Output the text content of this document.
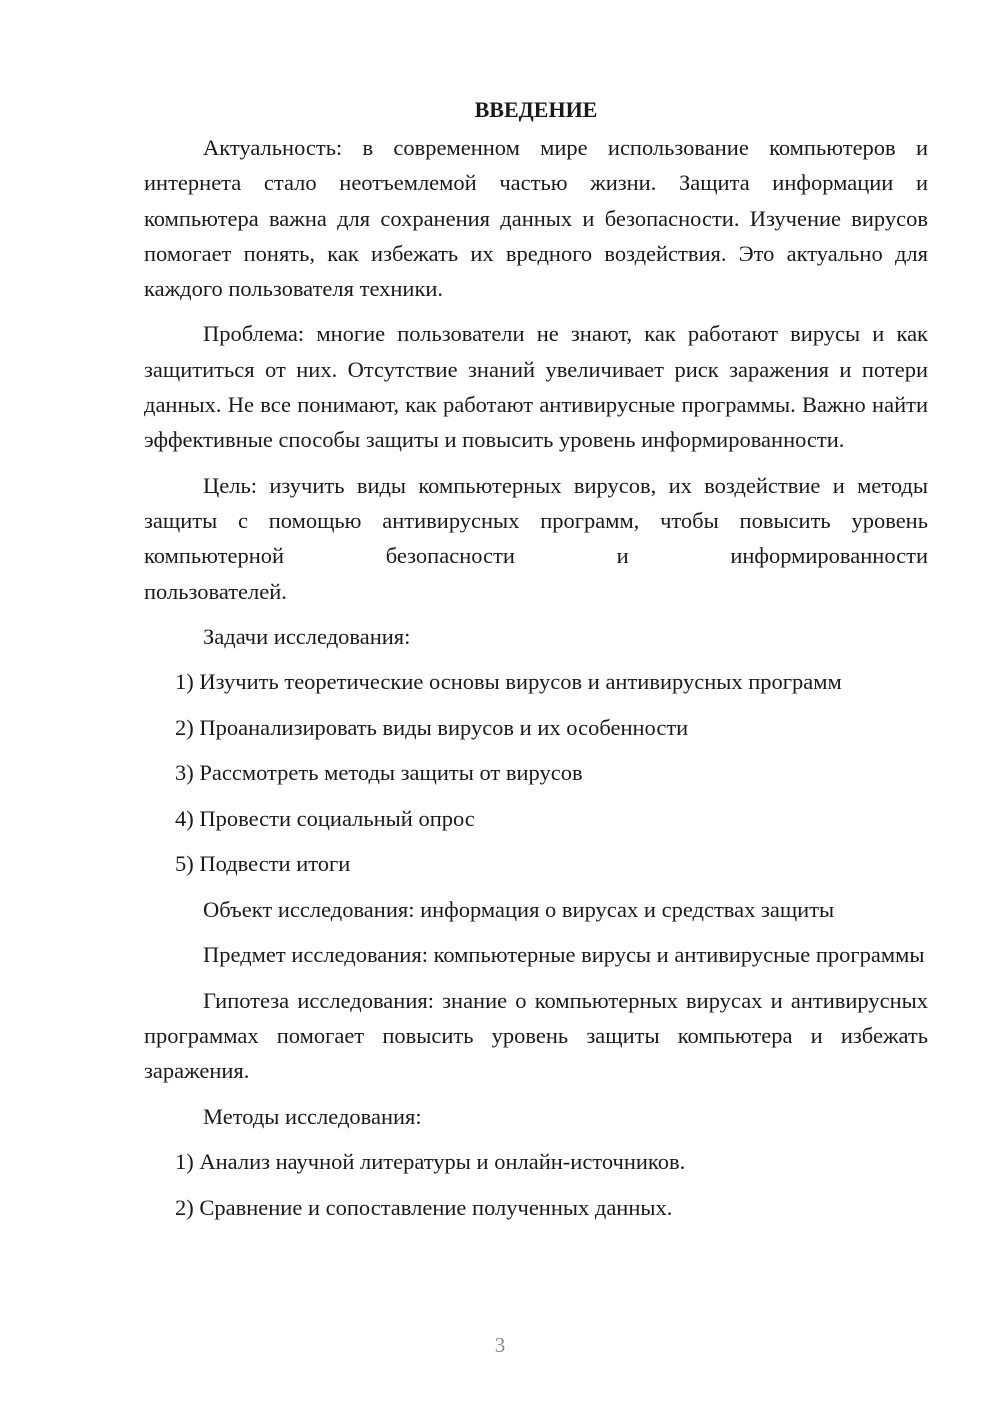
ВВЕДЕНИЕ

Актуальность: в современном мире использование компьютеров и интернета стало неотъемлемой частью жизни. Защита информации и компьютера важна для сохранения данных и безопасности. Изучение вирусов помогает понять, как избежать их вредного воздействия. Это актуально для каждого пользователя техники.

Проблема: многие пользователи не знают, как работают вирусы и как защититься от них. Отсутствие знаний увеличивает риск заражения и потери данных. Не все понимают, как работают антивирусные программы. Важно найти эффективные способы защиты и повысить уровень информированности.

Цель: изучить виды компьютерных вирусов, их воздействие и методы защиты с помощью антивирусных программ, чтобы повысить уровень компьютерной безопасности и информированности

пользователей.

Задачи исследования:
1) Изучить теоретические основы вирусов и антивирусных программ
2) Проанализировать виды вирусов и их особенности
3) Рассмотреть методы защиты от вирусов
4) Провести социальный опрос
5) Подвести итоги
Объект исследования: информация о вирусах и средствах защиты

Предмет исследования: компьютерные вирусы и антивирусные программы

Гипотеза исследования: знание о компьютерных вирусах и антивирусных программах помогает повысить уровень защиты компьютера и избежать заражения.

Методы исследования:
1) Анализ научной литературы и онлайн-источников.
2) Сравнение и сопоставление полученных данных.
3
